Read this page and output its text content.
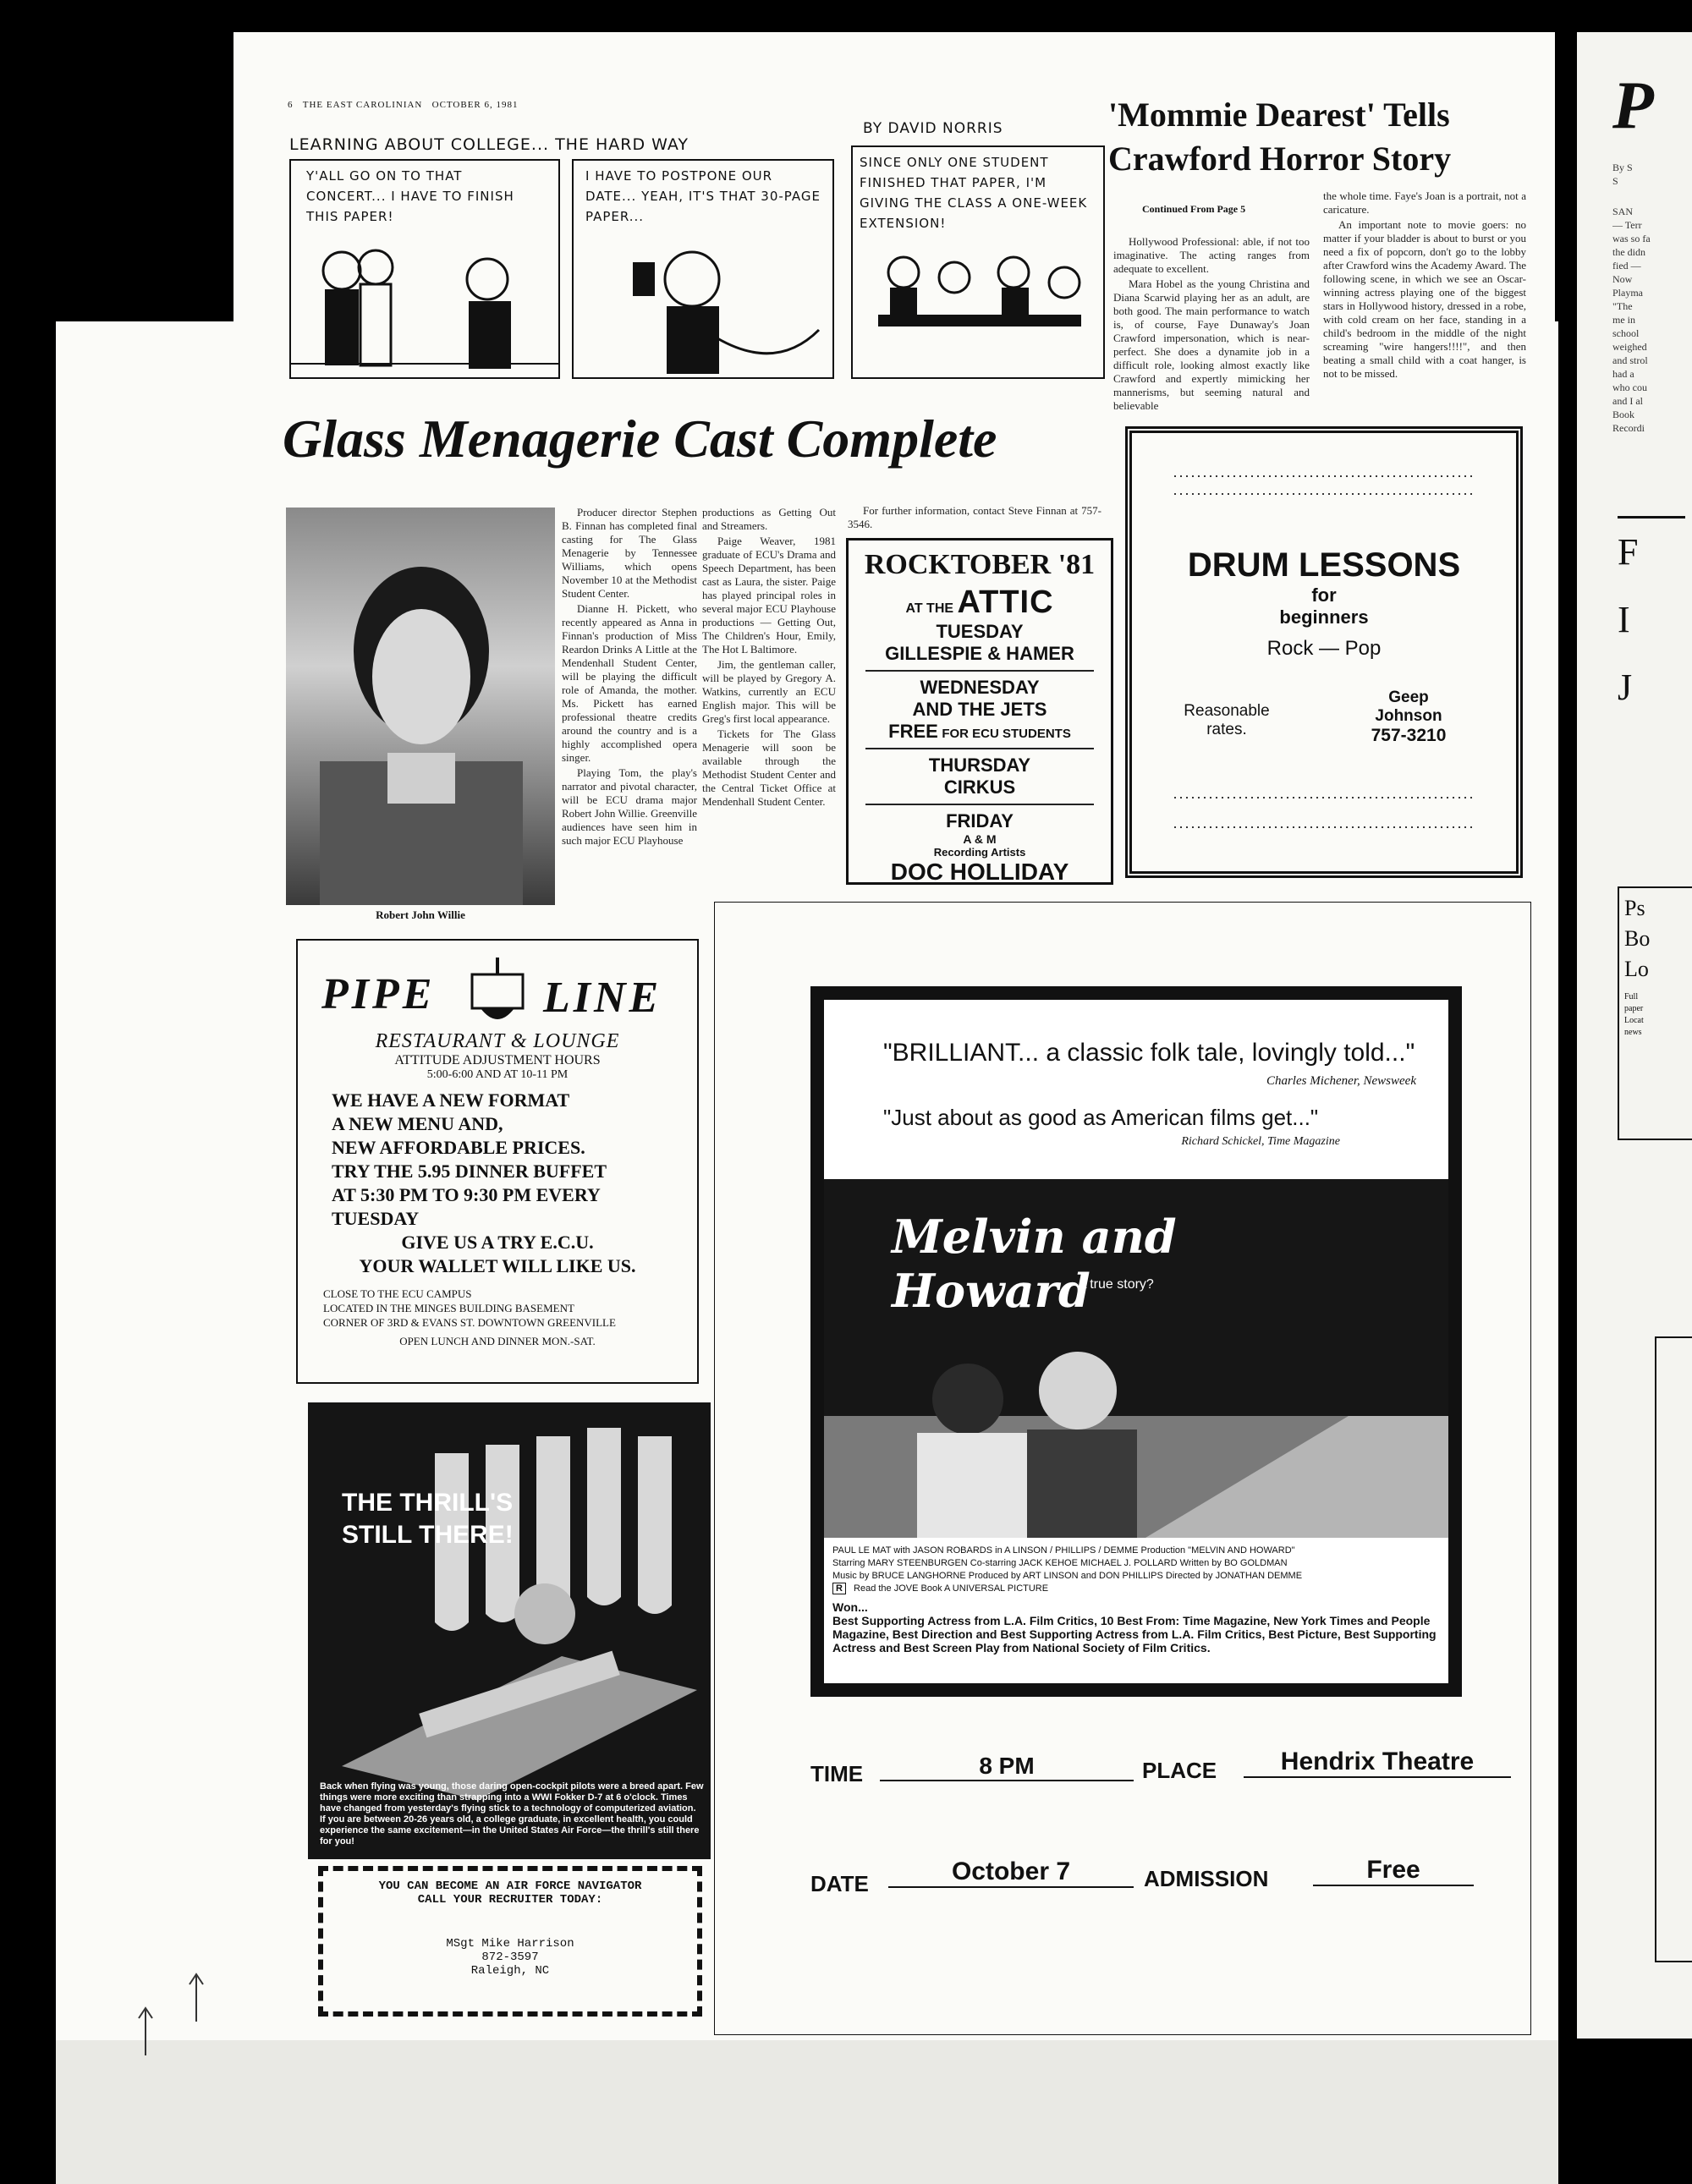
6 THE EAST CAROLINIAN OCTOBER 6, 1981
LEARNING ABOUT COLLEGE... THE HARD WAY
BY DAVID NORRIS
Y'ALL GO ON TO THAT CONCERT... I HAVE TO FINISH THIS PAPER!
I HAVE TO POSTPONE OUR DATE... YEAH, IT'S THAT 30-PAGE PAPER...
SINCE ONLY ONE STUDENT FINISHED THAT PAPER, I'M GIVING THE CLASS A ONE-WEEK EXTENSION!
'Mommie Dearest' Tells Crawford Horror Story
Continued From Page 5

Hollywood Professional: able, if not too imaginative. The acting ranges from adequate to excellent.

Mara Hobel as the young Christina and Diana Scarwid playing her as an adult, are both good. The main performance to watch is, of course, Faye Dunaway's Joan Crawford impersonation, which is near-perfect. She does a dynamite job in a difficult role, looking almost exactly like Crawford and expertly mimicking her mannerisms, but seeming natural and believable

the whole time. Faye's Joan is a portrait, not a caricature.

An important note to movie goers: no matter if your bladder is about to burst or you need a fix of popcorn, don't go to the lobby after Crawford wins the Academy Award. The following scene, in which we see an Oscar-winning actress playing one of the biggest stars in Hollywood history, dressed in a robe, with cold cream on her face, standing in a child's bedroom in the middle of the night screaming "wire hangers!!!!", and then beating a small child with a coat hanger, is not to be missed.

Glass Menagerie Cast Complete
Robert John Willie

Producer director Stephen B. Finnan has completed final casting for The Glass Menagerie by Tennessee Williams, which opens November 10 at the Methodist Student Center.

Dianne H. Pickett, who recently appeared as Anna in Finnan's production of Miss Reardon Drinks A Little at the Mendenhall Student Center, will be playing the difficult role of Amanda, the mother. Ms. Pickett has earned professional theatre credits around the country and is a highly accomplished opera singer.

Playing Tom, the play's narrator and pivotal character, will be ECU drama major Robert John Willie. Greenville audiences have seen him in such major ECU Playhouse

productions as Getting Out and Streamers.

Paige Weaver, 1981 graduate of ECU's Drama and Speech Department, has been cast as Laura, the sister. Paige has played principal roles in several major ECU Playhouse productions — Getting Out, The Children's Hour, Emily, The Hot L Baltimore.

Jim, the gentleman caller, will be played by Gregory A. Watkins, currently an ECU English major. This will be Greg's first local appearance.

Tickets for The Glass Menagerie will soon be available through the Methodist Student Center and the Central Ticket Office at Mendenhall Student Center.

For further information, contact Steve Finnan at 757-3546.
ROCKTOBER '81
AT THE ATTIC
TUESDAY
GILLESPIE & HAMER
WEDNESDAY
AND THE JETS
FREE FOR ECU STUDENTS
THURSDAY
CIRKUS
FRIDAY
A & M
Recording Artists
DOC HOLLIDAY
...................................................
...................................................
DRUM LESSONS
for
beginners
Rock — Pop
Reasonable
rates.
Geep
Johnson
757-3210
...................................................
...................................................
PIPE LINE
RESTAURANT & LOUNGE
ATTITUDE ADJUSTMENT HOURS
5:00-6:00 AND AT 10-11 PM
WE HAVE A NEW FORMAT
A NEW MENU AND,
NEW AFFORDABLE PRICES.
TRY THE 5.95 DINNER BUFFET
AT 5:30 PM TO 9:30 PM EVERY
TUESDAY
GIVE US A TRY E.C.U.
YOUR WALLET WILL LIKE US.
CLOSE TO THE ECU CAMPUS
LOCATED IN THE MINGES BUILDING BASEMENT
CORNER OF 3RD & EVANS ST. DOWNTOWN GREENVILLE
OPEN LUNCH AND DINNER MON.-SAT.
THE THRILL'S
STILL THERE!
Back when flying was young, those daring open-cockpit pilots were a breed apart. Few things were more exciting than strapping into a WWI Fokker D-7 at 6 o'clock. Times have changed from yesterday's flying stick to a technology of computerized aviation. If you are between 20-26 years old, a college graduate, in excellent health, you could experience the same excitement—in the United States Air Force—the thrill's still there for you!
YOU CAN BECOME AN AIR FORCE NAVIGATOR
CALL YOUR RECRUITER TODAY:
MSgt Mike Harrison
872-3597
Raleigh, NC
"BRILLIANT... a classic folk tale, lovingly told..."
Charles Michener, Newsweek
"Just about as good as American films get..."
Richard Schickel, Time Magazine
Melvin and Howard
A true story?
PAUL LE MAT with JASON ROBARDS in A LINSON / PHILLIPS / DEMME Production "MELVIN AND HOWARD"
Starring MARY STEENBURGEN Co-starring JACK KEHOE MICHAEL J. POLLARD Written by BO GOLDMAN
Music by BRUCE LANGHORNE Produced by ART LINSON and DON PHILLIPS Directed by JONATHAN DEMME
R Read the JOVE Book A UNIVERSAL PICTURE
Won...
Best Supporting Actress from L.A. Film Critics, 10 Best From: Time Magazine, New York Times and People Magazine, Best Direction and Best Supporting Actress from L.A. Film Critics, Best Picture, Best Supporting Actress and Best Screen Play from National Society of Film Critics.
TIME	8 PM	PLACE	Hendrix Theatre
DATE	October 7	ADMISSION	Free
P
By S
S
SAN
— Terr
was so fa
the didn
fied —
Now
Playma
"The
me in
school
weighed
and strol
had a
who cou
and I al
Book
Recordi
F
I
J
Ps
Bo
Lo
Full
paper
Locat
news
